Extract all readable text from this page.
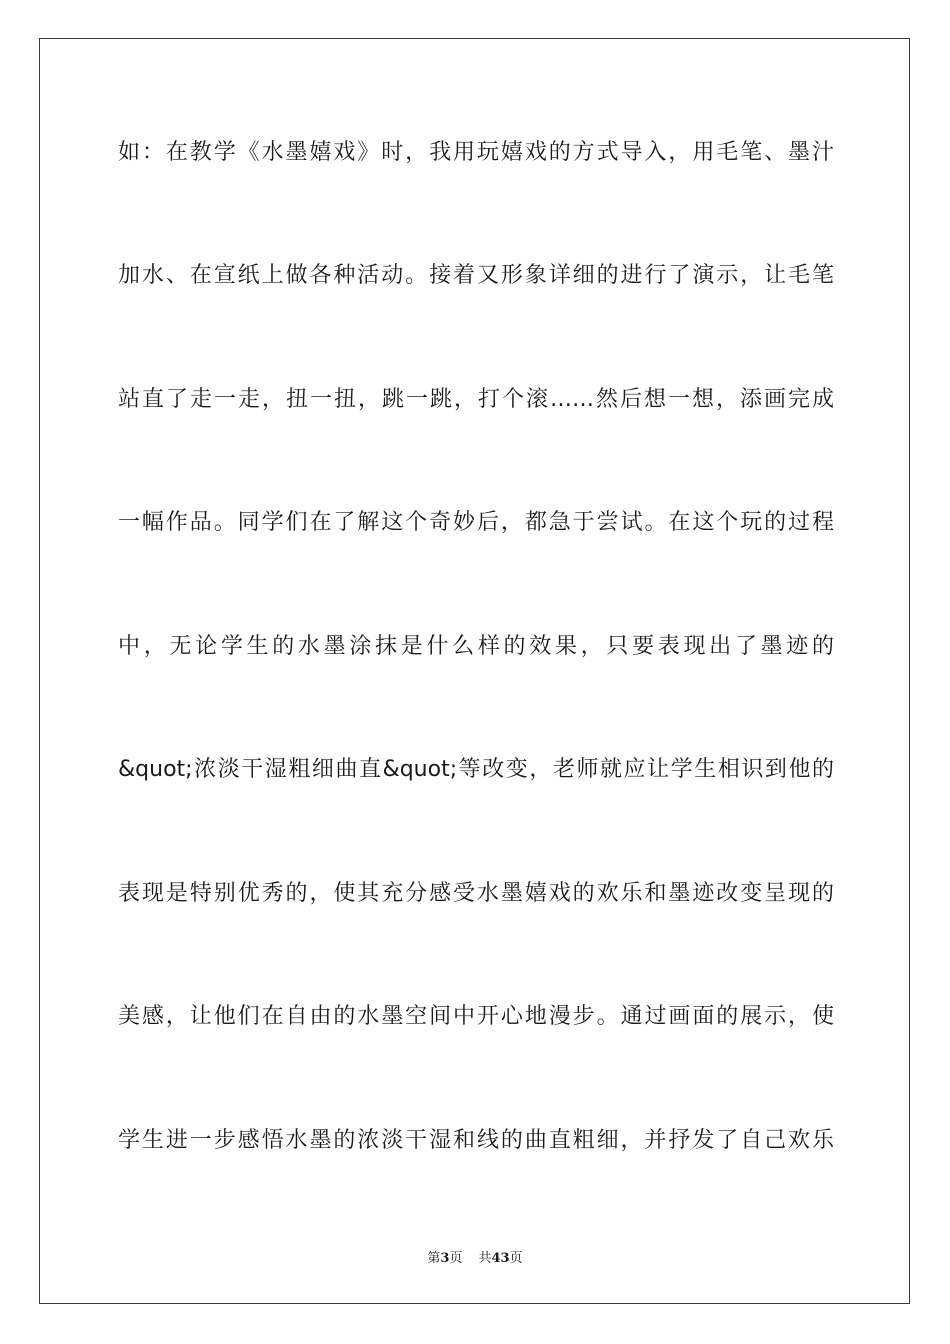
如：在教学《水墨嬉戏》时，我用玩嬉戏的方式导入，用毛笔、墨汁
加水、在宣纸上做各种活动。接着又形象详细的进行了演示，让毛笔
站直了走一走，扭一扭，跳一跳，打个滚……然后想一想，添画完成
一幅作品。同学们在了解这个奇妙后，都急于尝试。在这个玩的过程
中，无论学生的水墨涂抹是什么样的效果，只要表现出了墨迹的
&quot;浓淡干湿粗细曲直&quot;等改变，老师就应让学生相识到他的
表现是特别优秀的，使其充分感受水墨嬉戏的欢乐和墨迹改变呈现的
美感，让他们在自由的水墨空间中开心地漫步。通过画面的展示，使
学生进一步感悟水墨的浓淡干湿和线的曲直粗细，并抒发了自己欢乐
第3页 共43页
